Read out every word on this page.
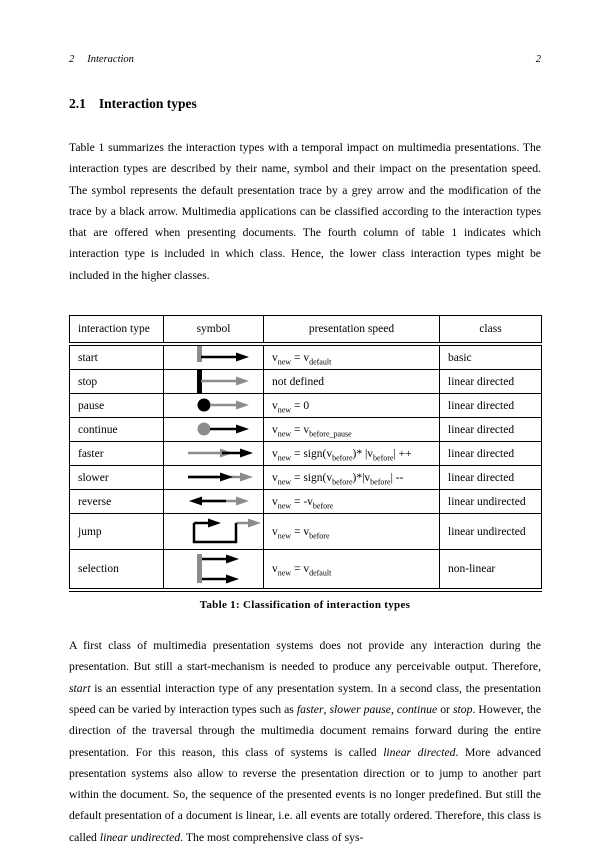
2 Interaction	2
2.1 Interaction types

Table 1 summarizes the interaction types with a temporal impact on multimedia presentations. The interaction types are described by their name, symbol and their impact on the presentation speed. The symbol represents the default presentation trace by a grey arrow and the modification of the trace by a black arrow. Multimedia applications can be classified according to the interaction types that are offered when presenting documents. The fourth column of table 1 indicates which interaction type is included in which class. Hence, the lower class interaction types might be included in the higher classes.

interaction type	symbol	presentation speed	class
start		$v_{new} = v_{default}$	basic
stop		not defined	linear directed
pause		$v_{new} = 0$	linear directed
continue		$v_{new} = v_{before\_pause}$	linear directed
faster		$v_{new}$ = $sign(v_{before})*$ $|v_{before}|$ ++	linear directed
slower		$v_{new}$ = $sign(v_{before})*|v_{before}|$ --	linear directed
reverse		$v_{new} = -v_{before}$	linear undirected
jump		$v_{new} = v_{before}$	linear undirected
selection		$v_{new} = v_{default}$	non-linear
Table 1: Classification of interaction types

A first class of multimedia presentation systems does not provide any interaction during the presentation. But still a start-mechanism is needed to produce any perceivable output. Therefore, start is an essential interaction type of any presentation system. In a second class, the presentation speed can be varied by interaction types such as faster, slower pause, continue or stop. However, the direction of the traversal through the multimedia document remains forward during the entire presentation. For this reason, this class of systems is called linear directed. More advanced presentation systems also allow to reverse the presentation direction or to jump to another part within the document. So, the sequence of the presented events is no longer predefined. But still the default presentation of a document is linear, i.e. all events are totally ordered. Therefore, this class is called linear undirected. The most comprehensive class of sys-
